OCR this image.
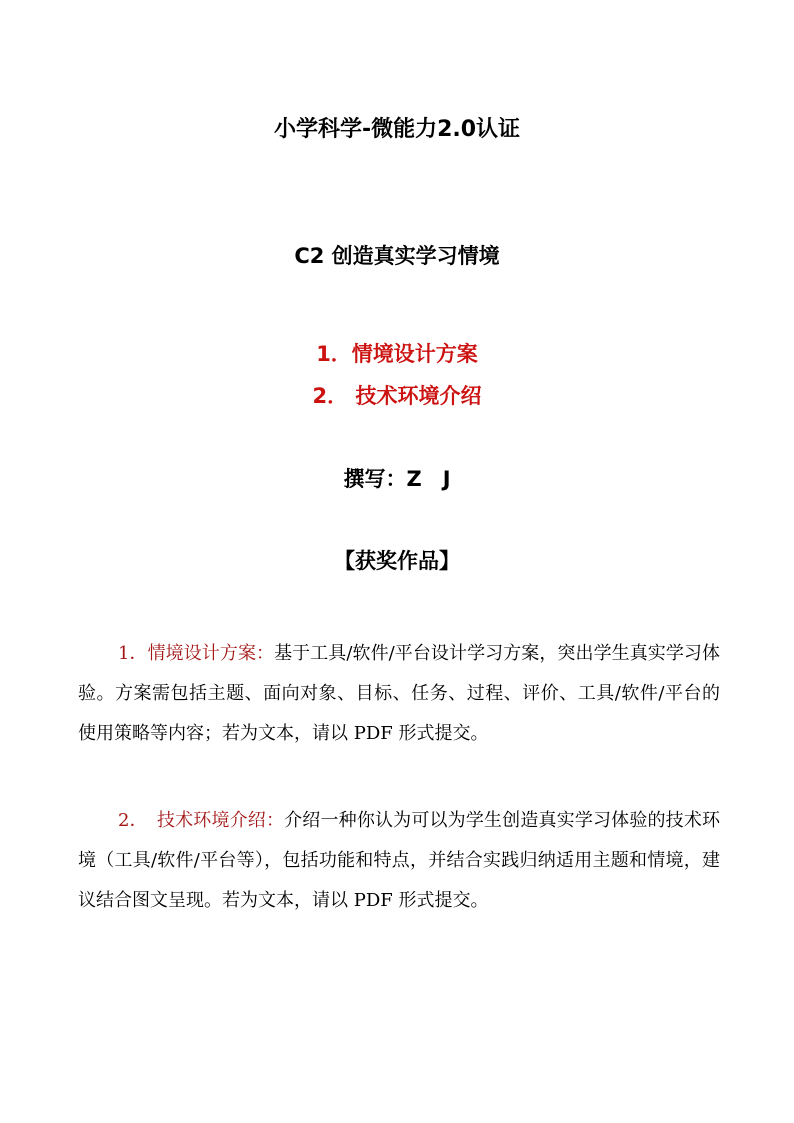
小学科学-微能力2.0认证
C2 创造真实学习情境
1．情境设计方案
2． 技术环境介绍
撰写：Z　J
【获奖作品】

1．情境设计方案：基于工具/软件/平台设计学习方案，突出学生真实学习体验。方案需包括主题、面向对象、目标、任务、过程、评价、工具/软件/平台的使用策略等内容；若为文本，请以 PDF 形式提交。

2．　技术环境介绍：介绍一种你认为可以为学生创造真实学习体验的技术环境（工具/软件/平台等），包括功能和特点，并结合实践归纳适用主题和情境，建议结合图文呈现。若为文本，请以 PDF 形式提交。
